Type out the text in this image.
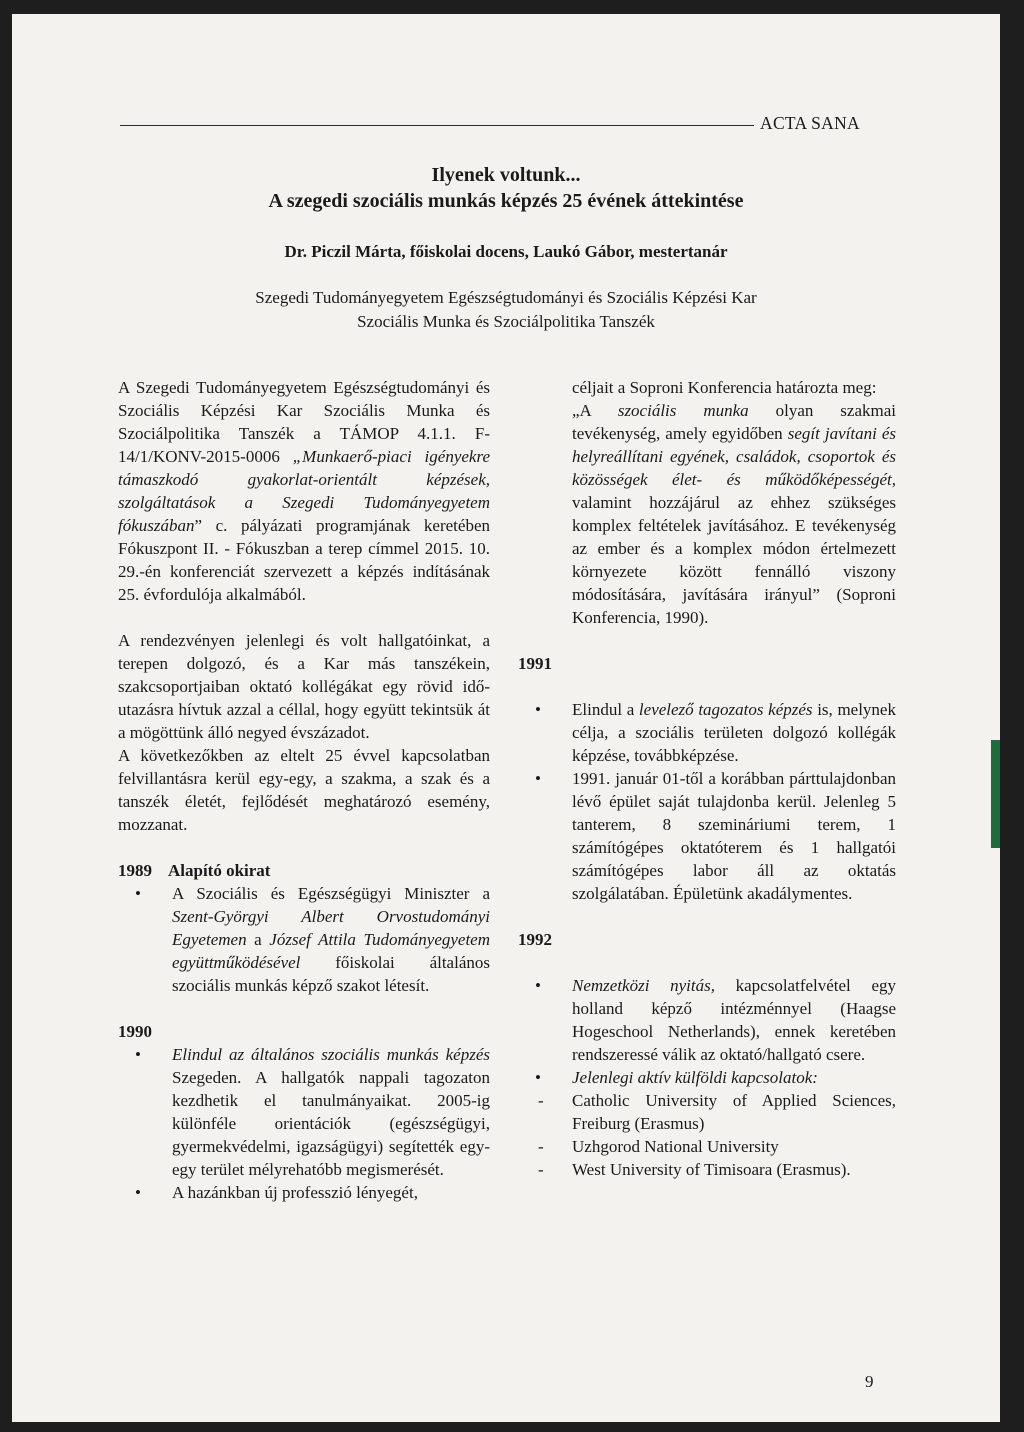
ACTA SANA
Ilyenek voltunk...
A szegedi szociális munkás képzés 25 évének áttekintése
Dr. Piczil Márta, főiskolai docens, Laukó Gábor, mestertanár
Szegedi Tudományegyetem Egészségtudományi és Szociális Képzési Kar
Szociális Munka és Szociálpolitika Tanszék

A Szegedi Tudományegyetem Egészségtudományi és Szociális Képzési Kar Szociális Munka és Szociálpolitika Tanszék a TÁMOP 4.1.1. F-14/1/KONV-2015-0006 „Munkaerő-piaci igényekre támaszkodó gyakorlat-orientált képzések, szolgáltatások a Szegedi Tudományegyetem fókuszában” c. pályázati programjának keretében Fókuszpont II. - Fókuszban a terep címmel 2015. 10. 29.-én konferenciát szervezett a képzés indításának 25. évfordulója alkalmából.

A rendezvényen jelenlegi és volt hallgatóinkat, a terepen dolgozó, és a Kar más tanszékein, szakcsoportjaiban oktató kollégákat egy rövid idő-utazásra hívtuk azzal a céllal, hogy együtt tekintsük át a mögöttünk álló negyed évszázadot.

A következőkben az eltelt 25 évvel kapcsolatban felvillantásra kerül egy-egy, a szakma, a szak és a tanszék életét, fejlődését meghatározó esemény, mozzanat.

1989 Alapító okirat
• A Szociális és Egészségügyi Miniszter a Szent-Györgyi Albert Orvostudományi Egyetemen a József Attila Tudományegyetem együttműködésével főiskolai általános szociális munkás képző szakot létesít.
1990
• Elindul az általános szociális munkás képzés Szegeden. A hallgatók nappali tagozaton kezdhetik el tanulmányaikat. 2005-ig különféle orientációk (egészségügyi, gyermekvédelmi, igazságügyi) segítették egy-egy terület mélyrehatóbb megismerését.
• A hazánkban új professzió lényegét,
céljait a Soproni Konferencia határozta meg:
„A szociális munka olyan szakmai tevékenység, amely egyidőben segít javítani és helyreállítani egyének, családok, csoportok és közösségek élet- és működőképességét, valamint hozzájárul az ehhez szükséges komplex feltételek javításához. E tevékenység az ember és a komplex módon értelmezett környezete között fennálló viszony módosítására, javítására irányul” (Soproni Konferencia, 1990).
1991
• Elindul a levelező tagozatos képzés is, melynek célja, a szociális területen dolgozó kollégák képzése, továbbképzése.
• 1991. január 01-től a korábban párttulajdonban lévő épület saját tulajdonba kerül. Jelenleg 5 tanterem, 8 szemináriumi terem, 1 számítógépes oktatóterem és 1 hallgatói számítógépes labor áll az oktatás szolgálatában. Épületünk akadálymentes.
1992
• Nemzetközi nyitás, kapcsolatfelvétel egy holland képző intézménnyel (Haagse Hogeschool Netherlands), ennek keretében rendszeressé válik az oktató/hallgató csere.
• Jelenlegi aktív külföldi kapcsolatok:
- Catholic University of Applied Sciences, Freiburg (Erasmus)
- Uzhgorod National University
- West University of Timisoara (Erasmus).
9
